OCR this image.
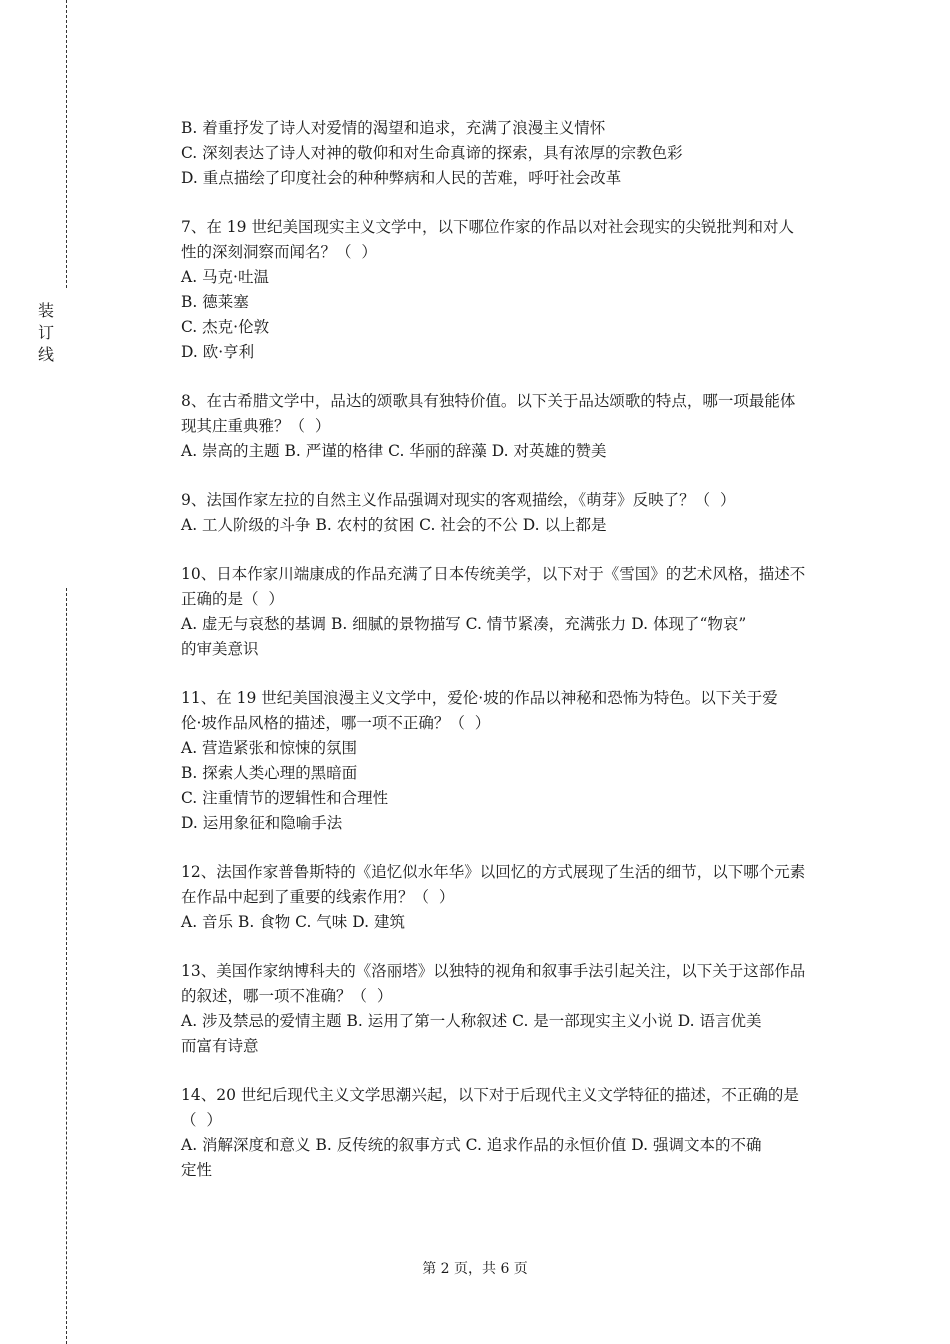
装
订
线

B. 着重抒发了诗人对爱情的渴望和追求，充满了浪漫主义情怀

C. 深刻表达了诗人对神的敬仰和对生命真谛的探索，具有浓厚的宗教色彩

D. 重点描绘了印度社会的种种弊病和人民的苦难，呼吁社会改革

7、在 19 世纪美国现实主义文学中，以下哪位作家的作品以对社会现实的尖锐批判和对人

性的深刻洞察而闻名？（  ）

A. 马克·吐温

B. 德莱塞

C. 杰克·伦敦

D. 欧·亨利

8、在古希腊文学中，品达的颂歌具有独特价值。以下关于品达颂歌的特点，哪一项最能体

现其庄重典雅？（  ）

A. 崇高的主题 B. 严谨的格律 C. 华丽的辞藻 D. 对英雄的赞美

9、法国作家左拉的自然主义作品强调对现实的客观描绘，《萌芽》反映了？（  ）

A. 工人阶级的斗争 B. 农村的贫困 C. 社会的不公 D. 以上都是

10、日本作家川端康成的作品充满了日本传统美学，以下对于《雪国》的艺术风格，描述不

正确的是（  ）

A. 虚无与哀愁的基调 B. 细腻的景物描写 C. 情节紧凑，充满张力 D. 体现了“物哀”

的审美意识

11、在 19 世纪美国浪漫主义文学中，爱伦·坡的作品以神秘和恐怖为特色。以下关于爱

伦·坡作品风格的描述，哪一项不正确？（  ）

A. 营造紧张和惊悚的氛围

B. 探索人类心理的黑暗面

C. 注重情节的逻辑性和合理性

D. 运用象征和隐喻手法

12、法国作家普鲁斯特的《追忆似水年华》以回忆的方式展现了生活的细节，以下哪个元素

在作品中起到了重要的线索作用？（  ）

A. 音乐 B. 食物 C. 气味 D. 建筑

13、美国作家纳博科夫的《洛丽塔》以独特的视角和叙事手法引起关注，以下关于这部作品

的叙述，哪一项不准确？（  ）

A. 涉及禁忌的爱情主题 B. 运用了第一人称叙述 C. 是一部现实主义小说 D. 语言优美

而富有诗意

14、20 世纪后现代主义文学思潮兴起，以下对于后现代主义文学特征的描述，不正确的是

（  ）

A. 消解深度和意义 B. 反传统的叙事方式 C. 追求作品的永恒价值 D. 强调文本的不确

定性

第 2 页，共 6 页
